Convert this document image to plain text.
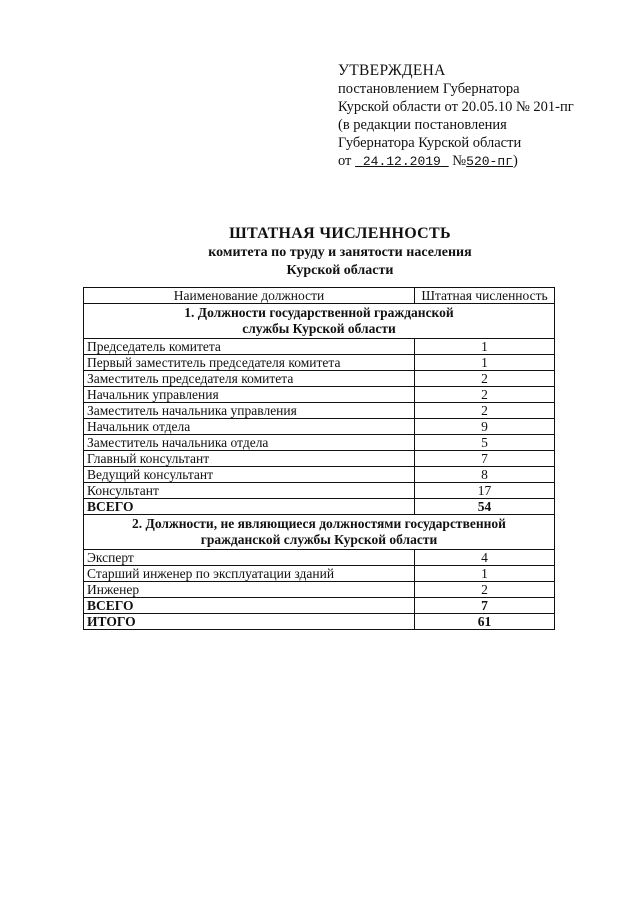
УТВЕРЖДЕНА
постановлением Губернатора
Курской области от 20.05.10 № 201-пг
(в редакции постановления
Губернатора Курской области
от 24.12.2019 №520-пг)
ШТАТНАЯ ЧИСЛЕННОСТЬ
комитета по труду и занятости населения
Курской области
Наименование должности	Штатная численность

1. Должности государственной гражданской
службы Курской области	

Председатель комитета	1
Первый заместитель председателя комитета	1
Заместитель председателя комитета	2
Начальник управления	2
Заместитель начальника управления	2
Начальник отдела	9
Заместитель начальника отдела	5
Главный консультант	7
Ведущий консультант	8
Консультант	17
ВСЕГО	54

2. Должности, не являющиеся должностями государственной
гражданской службы Курской области	

Эксперт	4
Старший инженер по эксплуатации зданий	1
Инженер	2
ВСЕГО	7
ИТОГО	61
